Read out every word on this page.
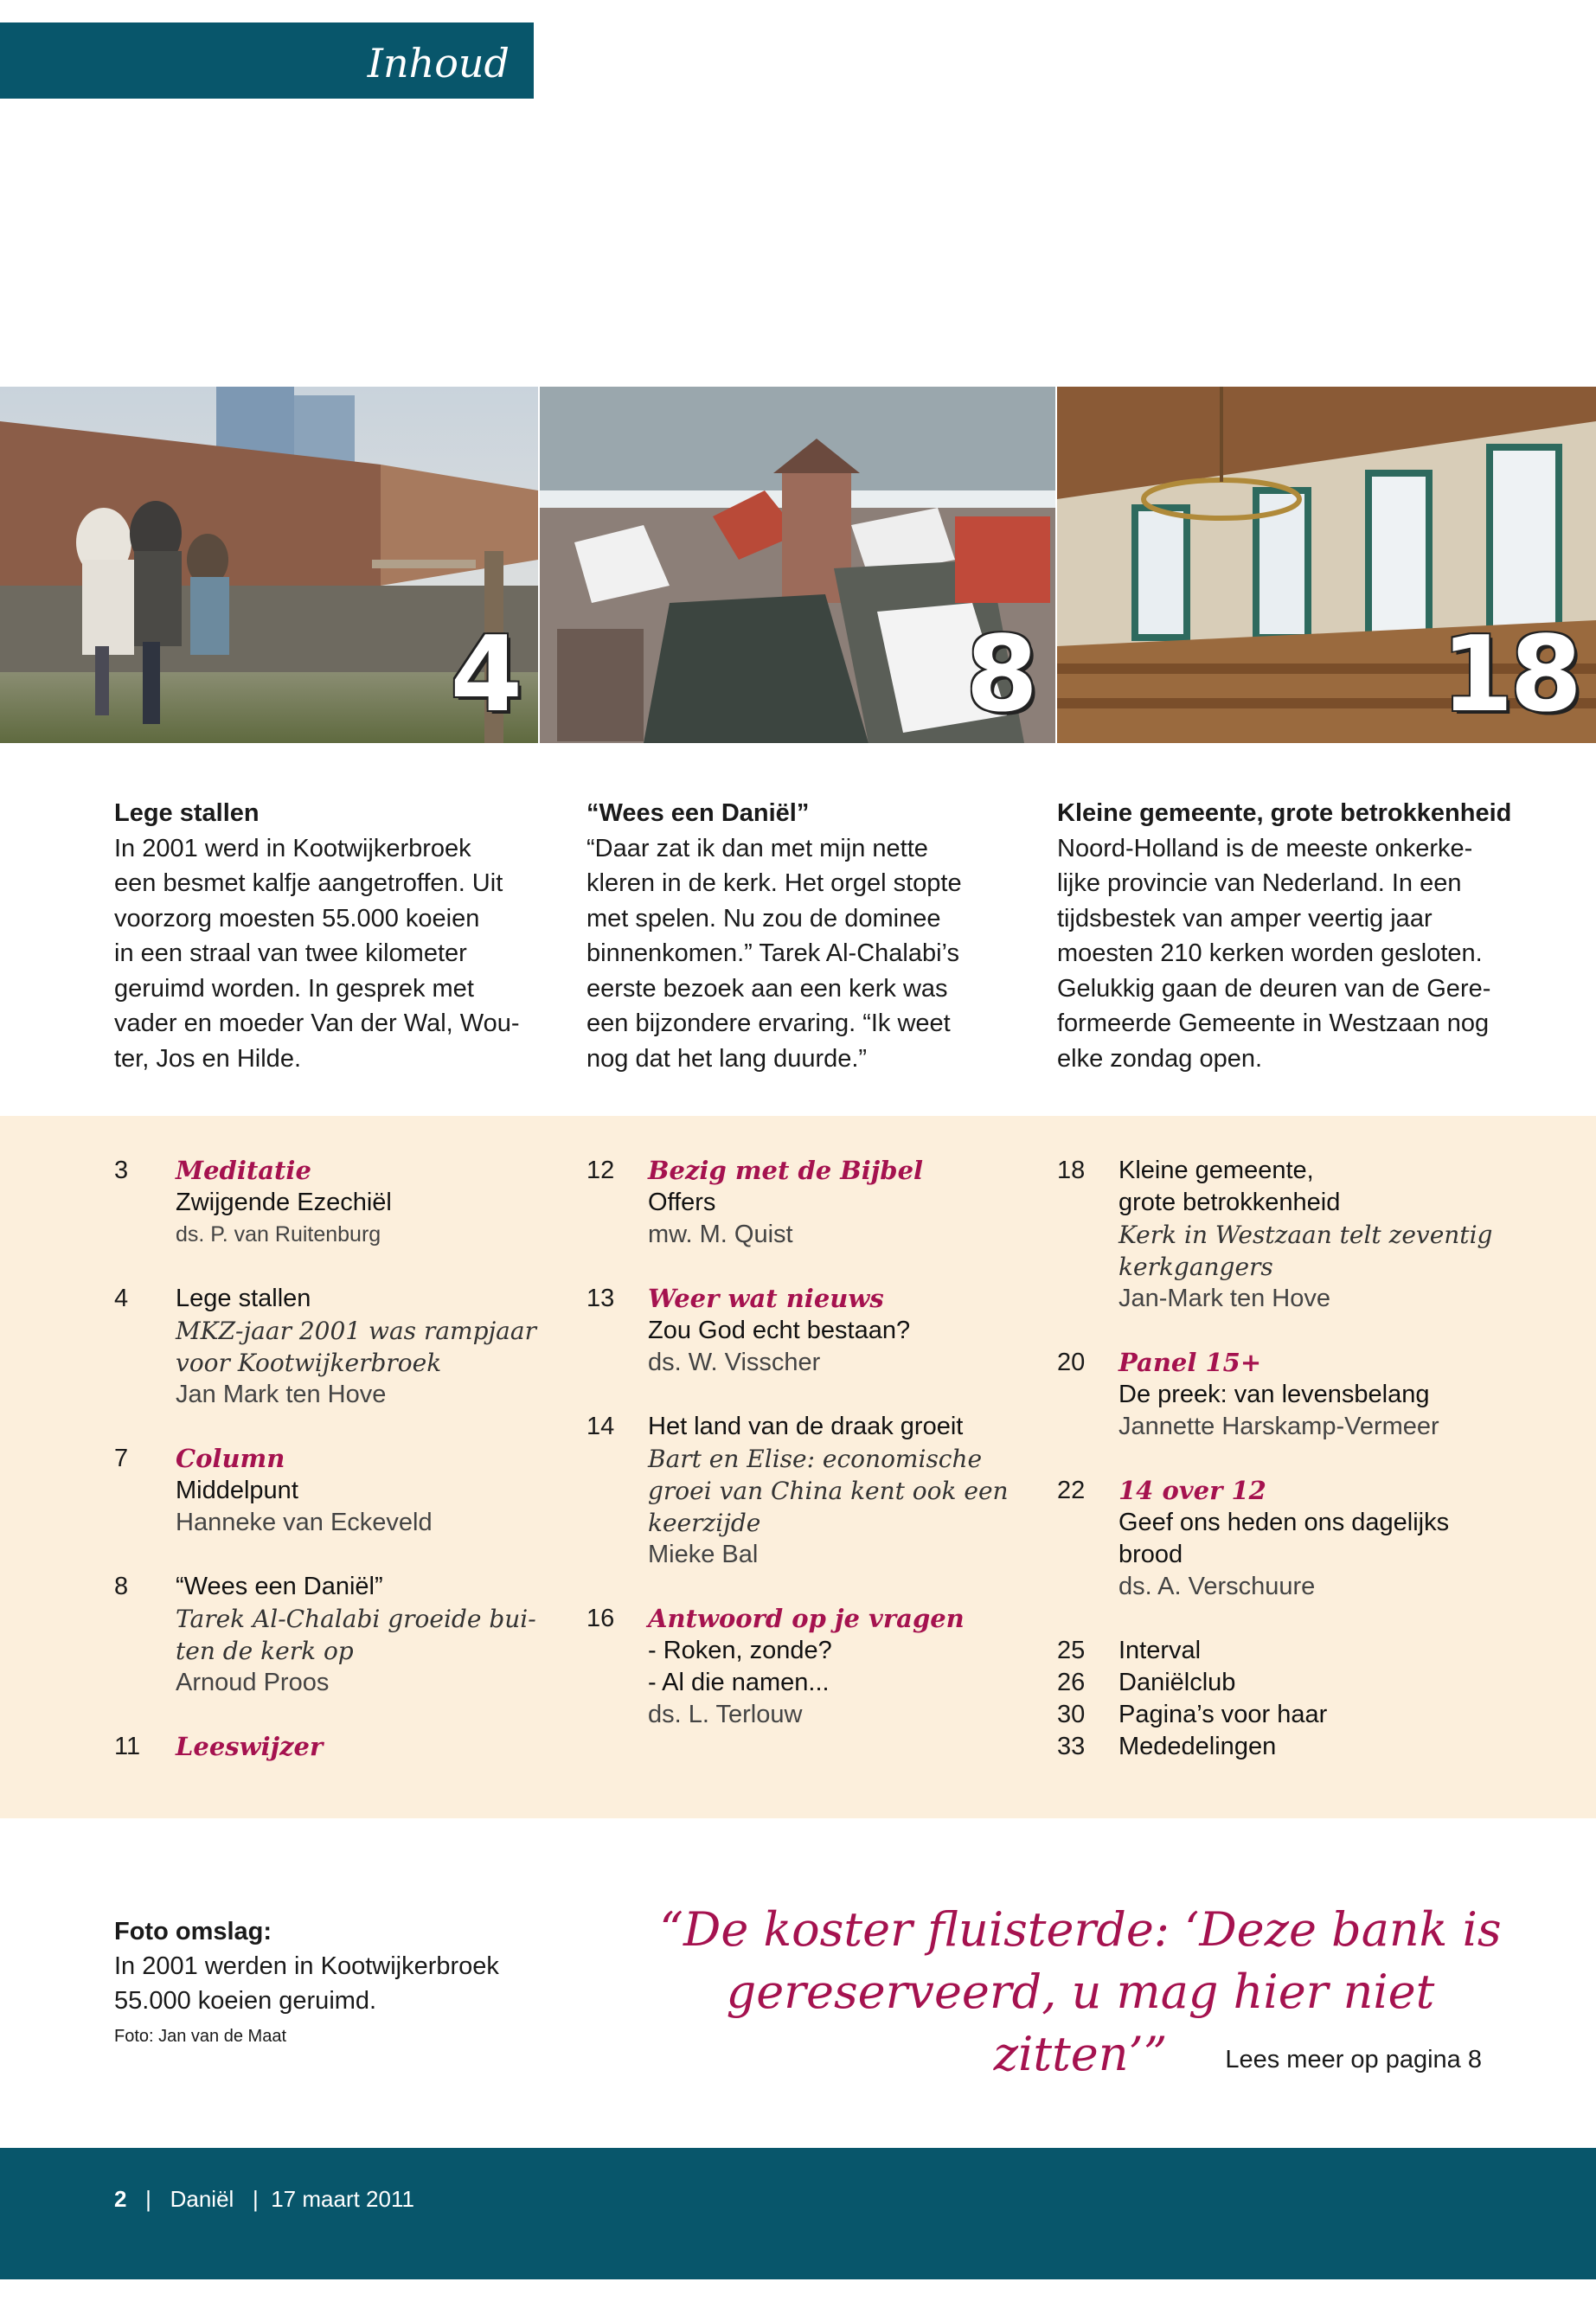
Inhoud
4	8	18
Lege stallen
In 2001 werd in Kootwijkerbroek
een besmet kalfje aangetroffen. Uit
voorzorg moesten 55.000 koeien
in een straal van twee kilometer
geruimd worden. In gesprek met
vader en moeder Van der Wal, Wou-
ter, Jos en Hilde.
“Wees een Daniël”
“Daar zat ik dan met mijn nette
kleren in de kerk. Het orgel stopte
met spelen. Nu zou de dominee
binnenkomen.” Tarek Al-Chalabi’s
eerste bezoek aan een kerk was
een bijzondere ervaring. “Ik weet
nog dat het lang duurde.”
Kleine gemeente, grote betrokkenheid
Noord-Holland is de meeste onkerke-
lijke provincie van Nederland. In een
tijdsbestek van amper veertig jaar
moesten 210 kerken worden gesloten.
Gelukkig gaan de deuren van de Gere-
formeerde Gemeente in Westzaan nog
elke zondag open.
3 Meditatie
Zwijgende Ezechiël
ds. P. van Ruitenburg
4 Lege stallen
MKZ-jaar 2001 was rampjaar
voor Kootwijkerbroek
Jan Mark ten Hove
7 Column
Middelpunt
Hanneke van Eckeveld
8 “Wees een Daniël”
Tarek Al-Chalabi groeide bui-
ten de kerk op
Arnoud Proos
11 Leeswijzer
12 Bezig met de Bijbel
Offers
mw. M. Quist
13 Weer wat nieuws
Zou God echt bestaan?
ds. W. Visscher
14 Het land van de draak groeit
Bart en Elise: economische
groei van China kent ook een
keerzijde
Mieke Bal
16 Antwoord op je vragen
- Roken, zonde?
- Al die namen...
ds. L. Terlouw
18 Kleine gemeente,
grote betrokkenheid
Kerk in Westzaan telt zeventig
kerkgangers
Jan-Mark ten Hove
20 Panel 15+
De preek: van levensbelang
Jannette Harskamp-Vermeer
22 14 over 12
Geef ons heden ons dagelijks
brood
ds. A. Verschuure
25 Interval
26 Daniëlclub
30 Pagina’s voor haar
33 Mededelingen
Foto omslag:
In 2001 werden in Kootwijkerbroek
55.000 koeien geruimd.
Foto: Jan van de Maat
“De koster fluisterde: ‘Deze bank is
gereserveerd, u mag hier niet zitten’”	Lees meer op pagina 8
2   |   Daniël   |  17 maart 2011
